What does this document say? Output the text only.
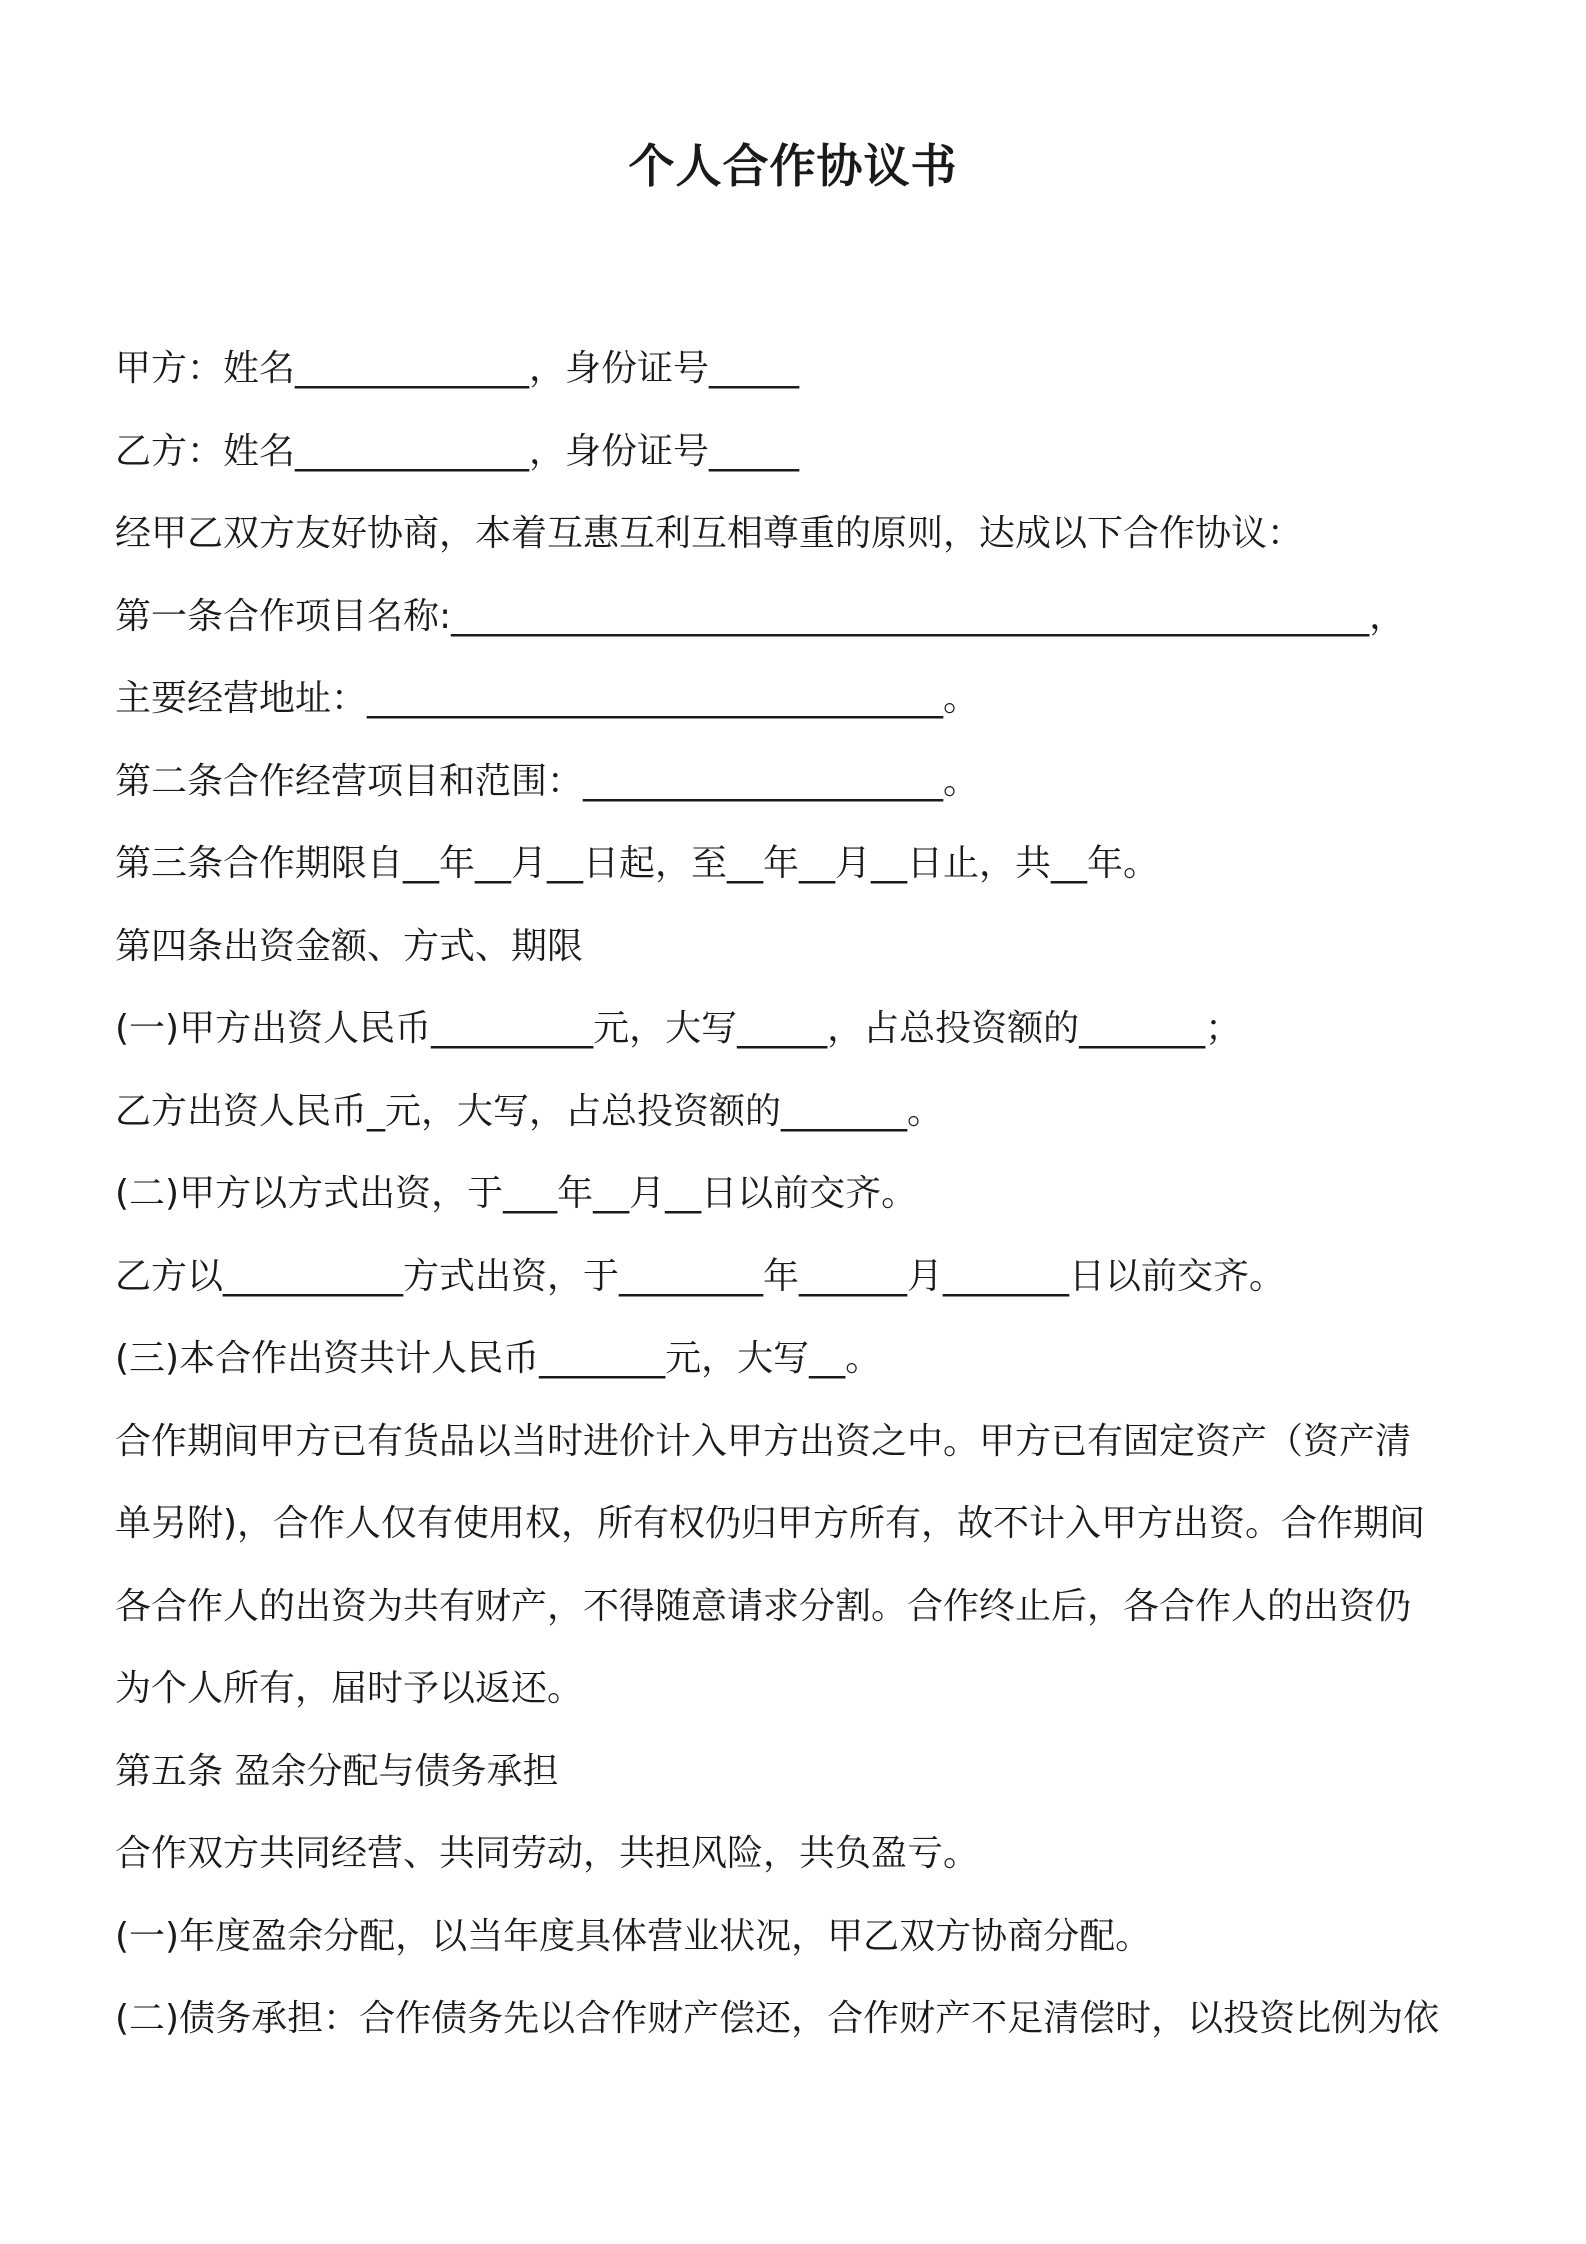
个人合作协议书
甲方：姓名_____________，身份证号_____
乙方：姓名_____________，身份证号_____
经甲乙双方友好协商，本着互惠互利互相尊重的原则，达成以下合作协议：
第一条合作项目名称:___________________________________________________，
主要经营地址：________________________________。
第二条合作经营项目和范围：____________________。
第三条合作期限自__年__月__日起，至__年__月__日止，共__年。
第四条出资金额、方式、期限
(一)甲方出资人民币_________元，大写_____，占总投资额的_______；
乙方出资人民币_元，大写，占总投资额的_______。
(二)甲方以方式出资，于___年__月__日以前交齐。
乙方以__________方式出资，于________年______月_______日以前交齐。
(三)本合作出资共计人民币_______元，大写__。
合作期间甲方已有货品以当时进价计入甲方出资之中。甲方已有固定资产（资产清
单另附)，合作人仅有使用权，所有权仍归甲方所有，故不计入甲方出资。合作期间
各合作人的出资为共有财产，不得随意请求分割。合作终止后，各合作人的出资仍
为个人所有，届时予以返还。
第五条 盈余分配与债务承担
合作双方共同经营、共同劳动，共担风险，共负盈亏。
(一)年度盈余分配，以当年度具体营业状况，甲乙双方协商分配。
(二)债务承担：合作债务先以合作财产偿还，合作财产不足清偿时，以投资比例为依
